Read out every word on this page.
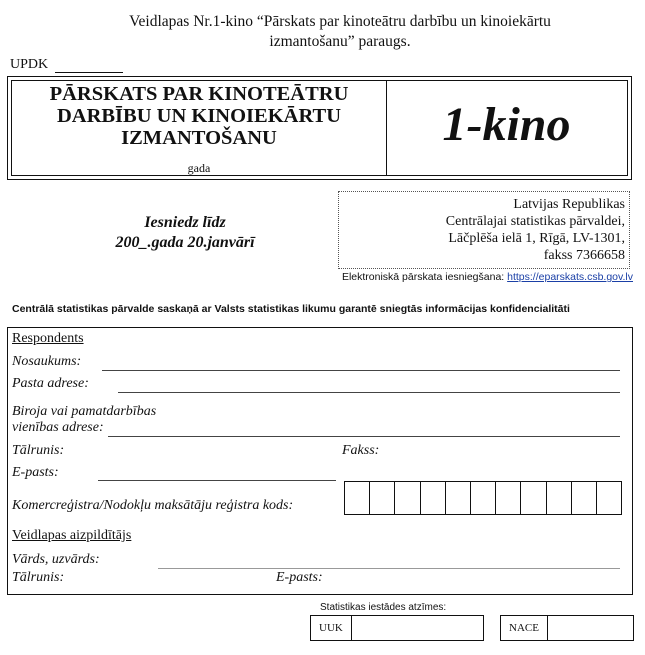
Veidlapas Nr.1-kino “Pārskats par kinoteātru darbību un kinoiekārtu
izmantošanu” paraugs.
UPDK
PĀRSKATS PAR KINOTEĀTRU
DARBĪBU UN KINOIEKĀRTU
IZMANTOŠANU
gada
1-kino
Iesniedz līdz
200_.gada 20.janvārī
Latvijas Republikas
Centrālajai statistikas pārvaldei,
Lāčplēša ielā 1, Rīgā, LV-1301,
fakss 7366658
Elektroniskā pārskata iesniegšana: https://eparskats.csb.gov.lv
Centrālā statistikas pārvalde saskaņā ar Valsts statistikas likumu garantē sniegtās informācijas konfidencialitāti
Respondents
Nosaukums:
Pasta adrese:
Biroja vai pamatdarbības
vienības adrese:
Tālrunis:	Fakss:
E-pasts:
Komercreģistra/Nodokļu maksātāju reģistra kods:
Veidlapas aizpildītājs
Vārds, uzvārds:
Tālrunis:	E-pasts:
Statistikas iestādes atzīmes:
UUK	NACE
